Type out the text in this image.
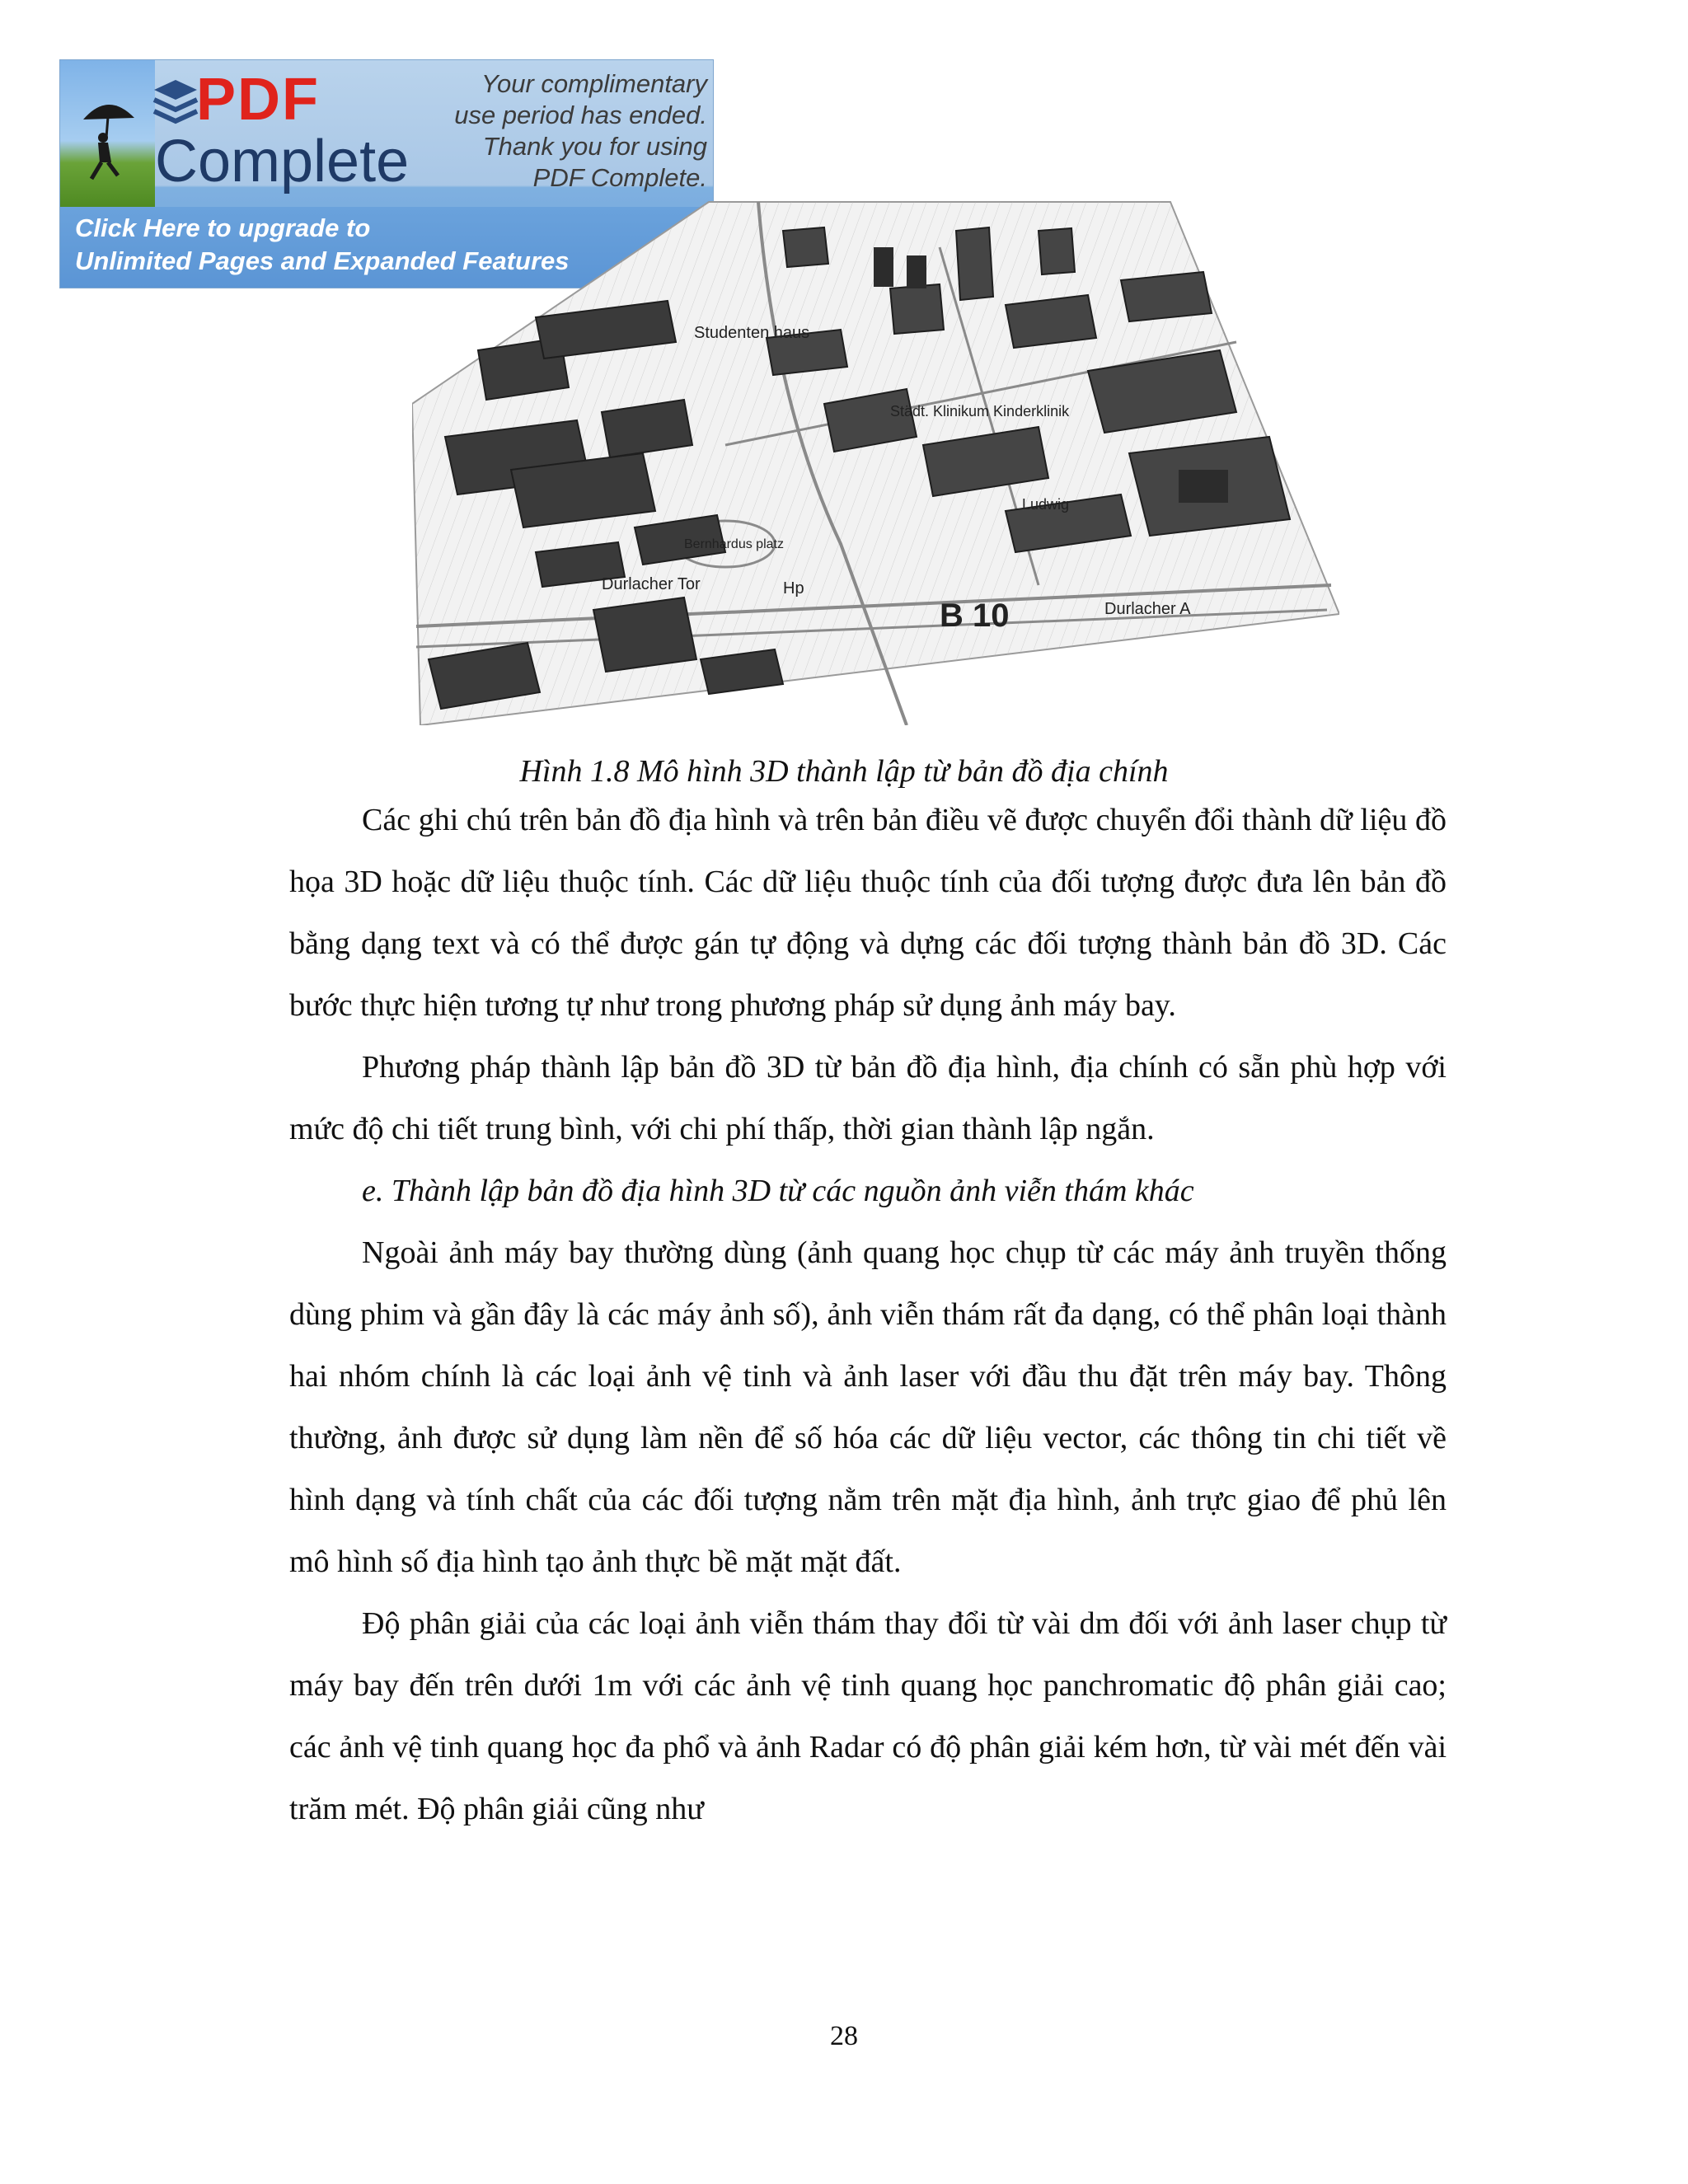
PDF
Complete
Your complimentary
use period has ended.
Thank you for using
PDF Complete.
Click Here to upgrade to
Unlimited Pages and Expanded Features
Studenten haus
Städt. Klinikum Kinderklinik
Ludwig
Bernhardus platz
Durlacher Tor	Hp
B 10	Durlacher A
Hình 1.8 Mô hình 3D thành lập từ bản đồ địa chính

Các ghi chú trên bản đồ địa hình và trên bản điều vẽ được chuyển đổi thành dữ liệu đồ họa 3D hoặc dữ liệu thuộc tính. Các dữ liệu thuộc tính của đối tượng được đưa lên bản đồ bằng dạng text và có thể được gán tự động và dựng các đối tượng thành bản đồ 3D. Các bước thực hiện tương tự như trong phương pháp sử dụng ảnh máy bay.

Phương pháp thành lập bản đồ 3D từ bản đồ địa hình, địa chính có sẵn phù hợp với mức độ chi tiết trung bình, với chi phí thấp, thời gian thành lập ngắn.

e. Thành lập bản đồ địa hình 3D từ các nguồn ảnh viễn thám khác

Ngoài ảnh máy bay thường dùng (ảnh quang học chụp từ các máy ảnh truyền thống dùng phim và gần đây là các máy ảnh số), ảnh viễn thám rất đa dạng, có thể phân loại thành hai nhóm chính là các loại ảnh vệ tinh và ảnh laser với đầu thu đặt trên máy bay. Thông thường, ảnh được sử dụng làm nền để số hóa các dữ liệu vector, các thông tin chi tiết về hình dạng và tính chất của các đối tượng nằm trên mặt địa hình, ảnh trực giao để phủ lên mô hình số địa hình tạo ảnh thực bề mặt mặt đất.

Độ phân giải của các loại ảnh viễn thám thay đổi từ vài dm đối với ảnh laser chụp từ máy bay đến trên dưới 1m với các ảnh vệ tinh quang học panchromatic độ phân giải cao; các ảnh vệ tinh quang học đa phổ và ảnh Radar có độ phân giải kém hơn, từ vài mét đến vài trăm mét. Độ phân giải cũng như

28
